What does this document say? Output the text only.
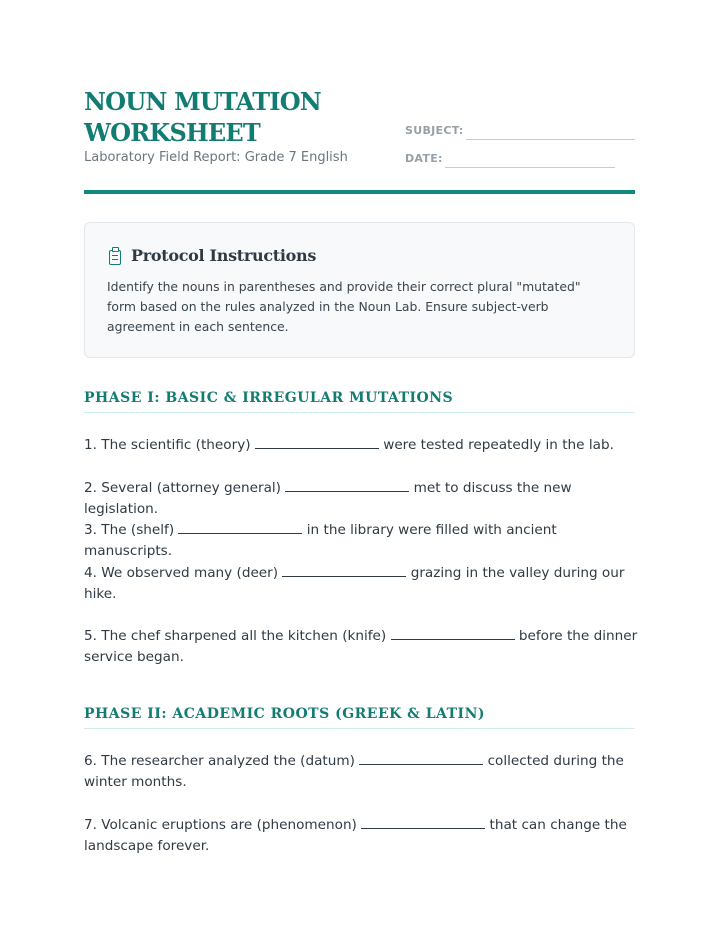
NOUN MUTATION WORKSHEET
Laboratory Field Report: Grade 7 English
SUBJECT:
DATE:
Protocol Instructions
Identify the nouns in parentheses and provide their correct plural "mutated" form based on the rules analyzed in the Noun Lab. Ensure subject-verb agreement in each sentence.
PHASE I: BASIC & IRREGULAR MUTATIONS

1. The scientific (theory)	were tested repeatedly in the lab.

2. Several (attorney general)	met to discuss the new legislation.

3. The (shelf)	in the library were filled with ancient manuscripts.

4. We observed many (deer)	grazing in the valley during our hike.

5. The chef sharpened all the kitchen (knife)	before the dinner service began.

PHASE II: ACADEMIC ROOTS (GREEK & LATIN)

6. The researcher analyzed the (datum)	collected during the winter months.

7. Volcanic eruptions are (phenomenon)	that can change the landscape forever.
